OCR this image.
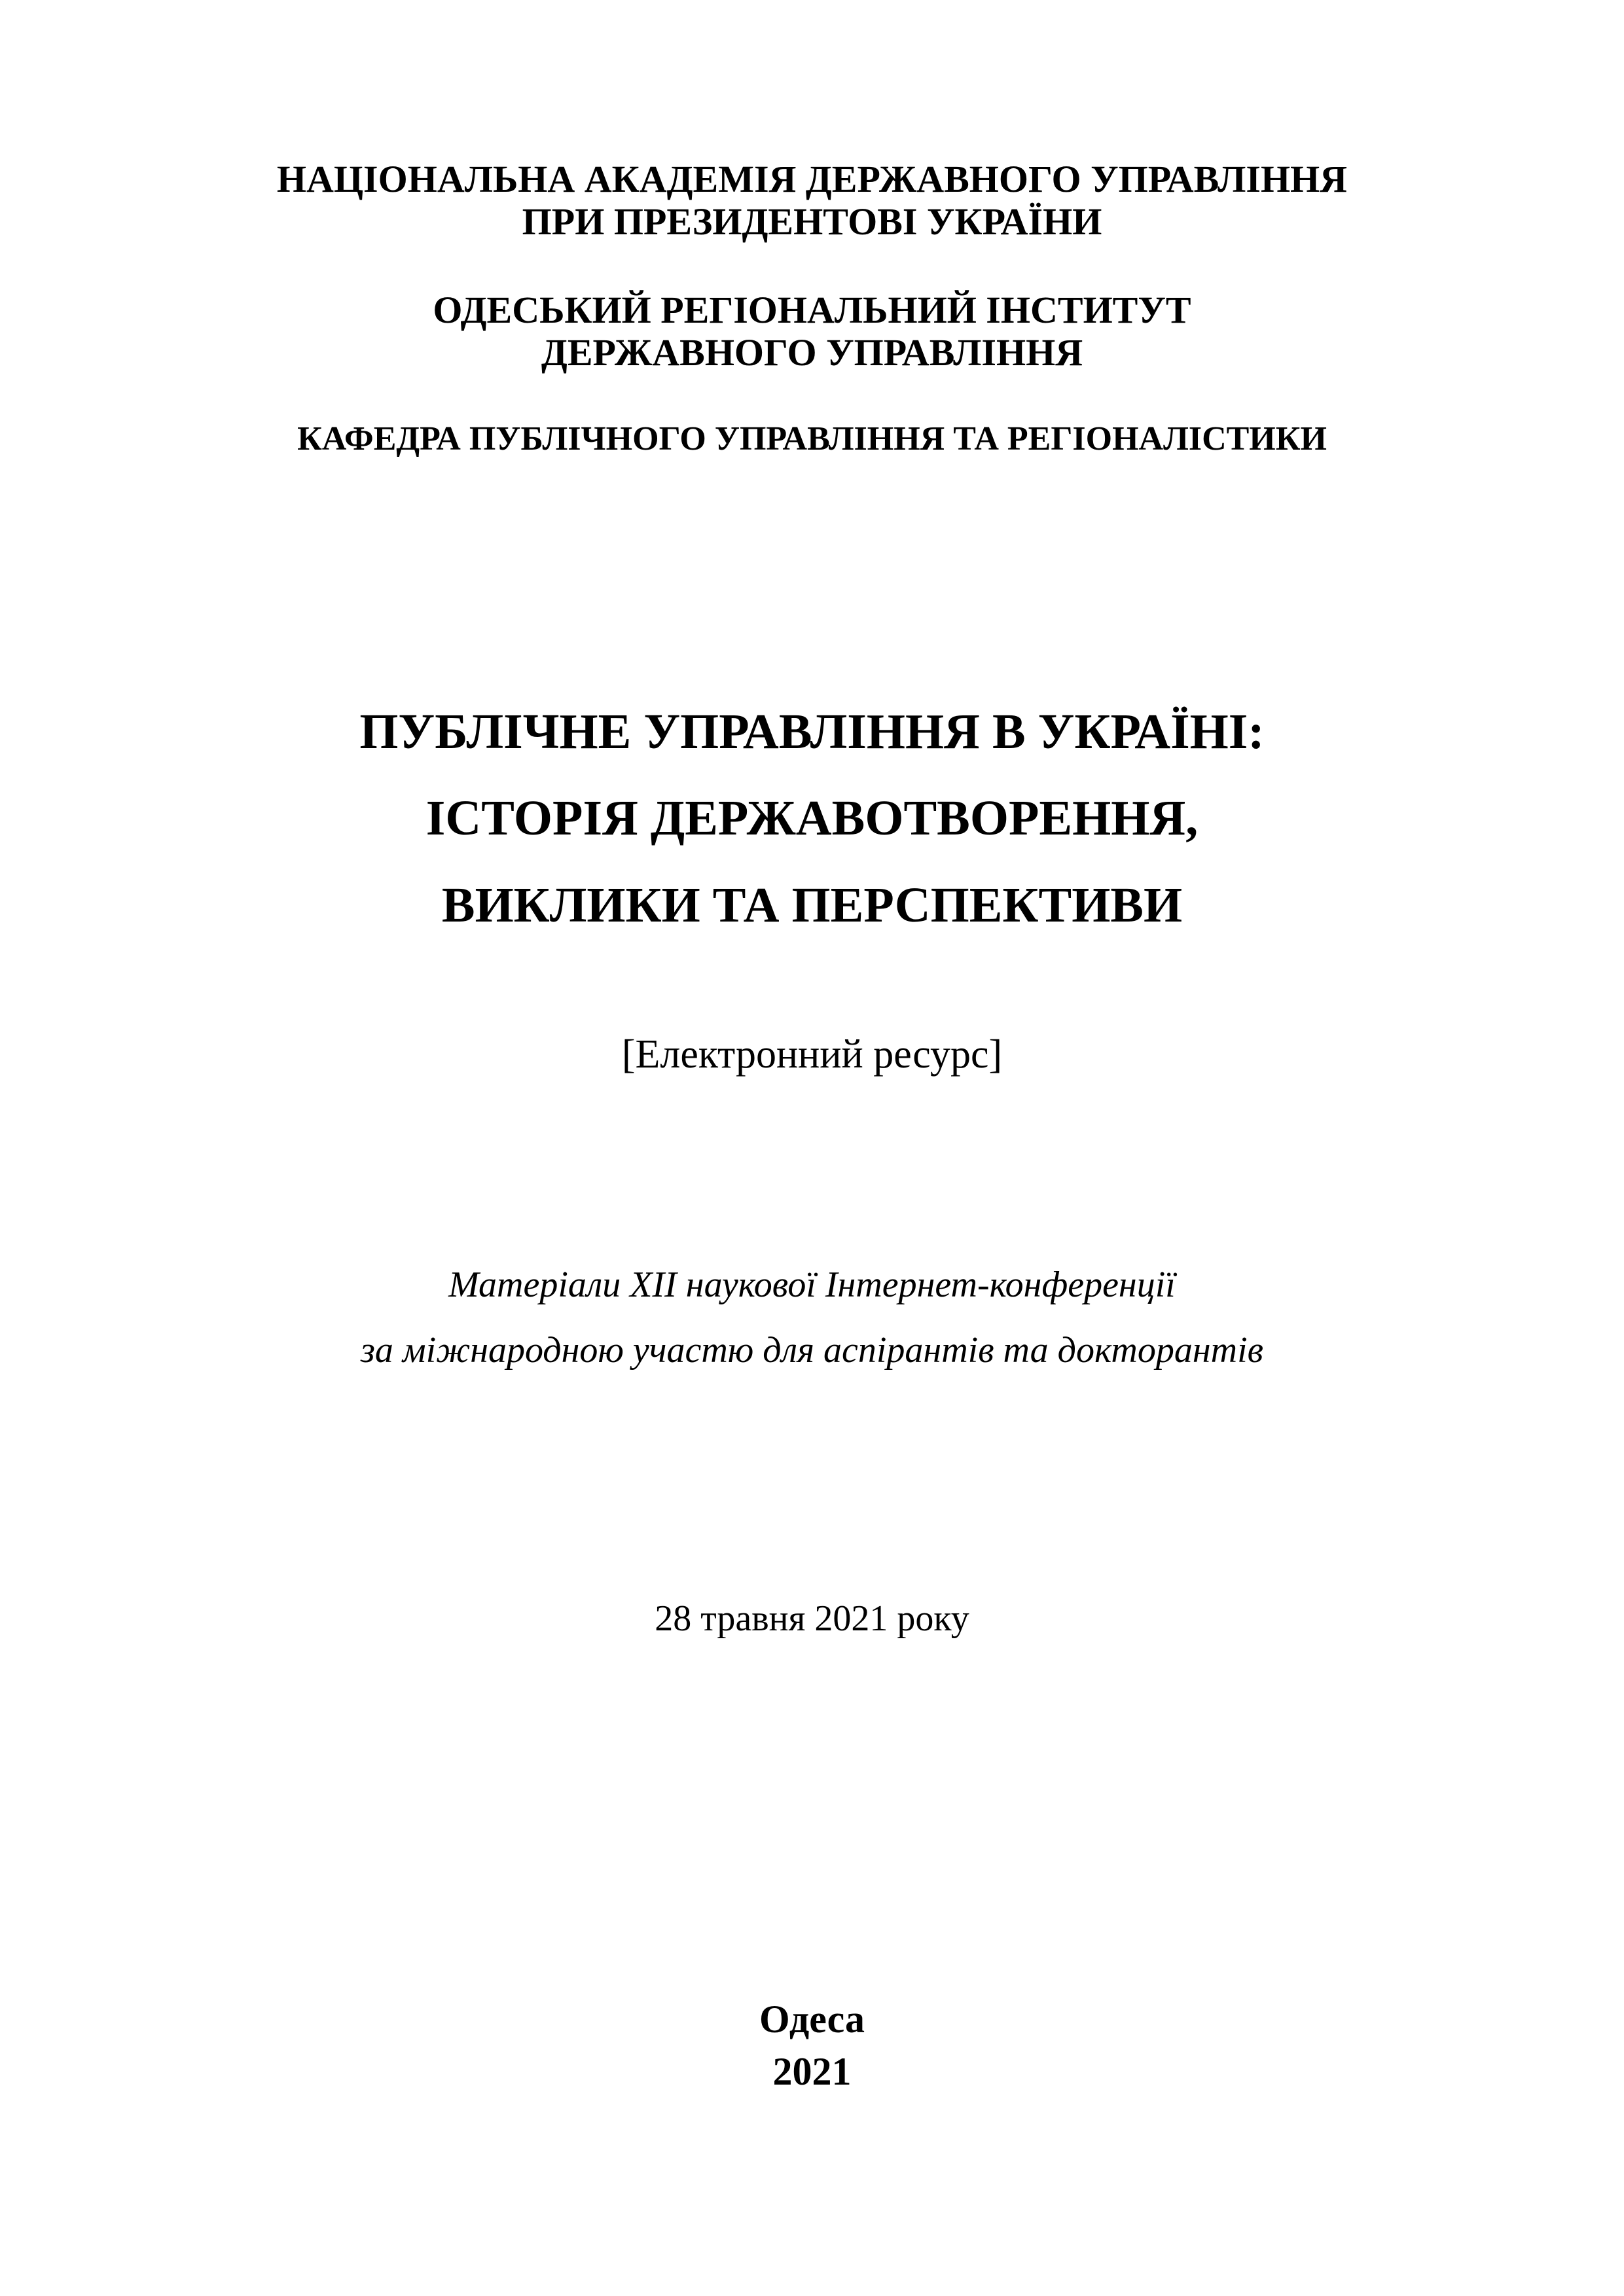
НАЦІОНАЛЬНА АКАДЕМІЯ ДЕРЖАВНОГО УПРАВЛІННЯ
ПРИ ПРЕЗИДЕНТОВІ УКРАЇНИ
ОДЕСЬКИЙ РЕГІОНАЛЬНИЙ ІНСТИТУТ
ДЕРЖАВНОГО УПРАВЛІННЯ
КАФЕДРА ПУБЛІЧНОГО УПРАВЛІННЯ ТА РЕГІОНАЛІСТИКИ
ПУБЛІЧНЕ УПРАВЛІННЯ В УКРАЇНІ:
ІСТОРІЯ ДЕРЖАВОТВОРЕННЯ,
ВИКЛИКИ ТА ПЕРСПЕКТИВИ
[Електронний ресурс]
Матеріали XII наукової Інтернет-конференції
за міжнародною участю для аспірантів та докторантів
28 травня 2021 року
Одеса
2021
